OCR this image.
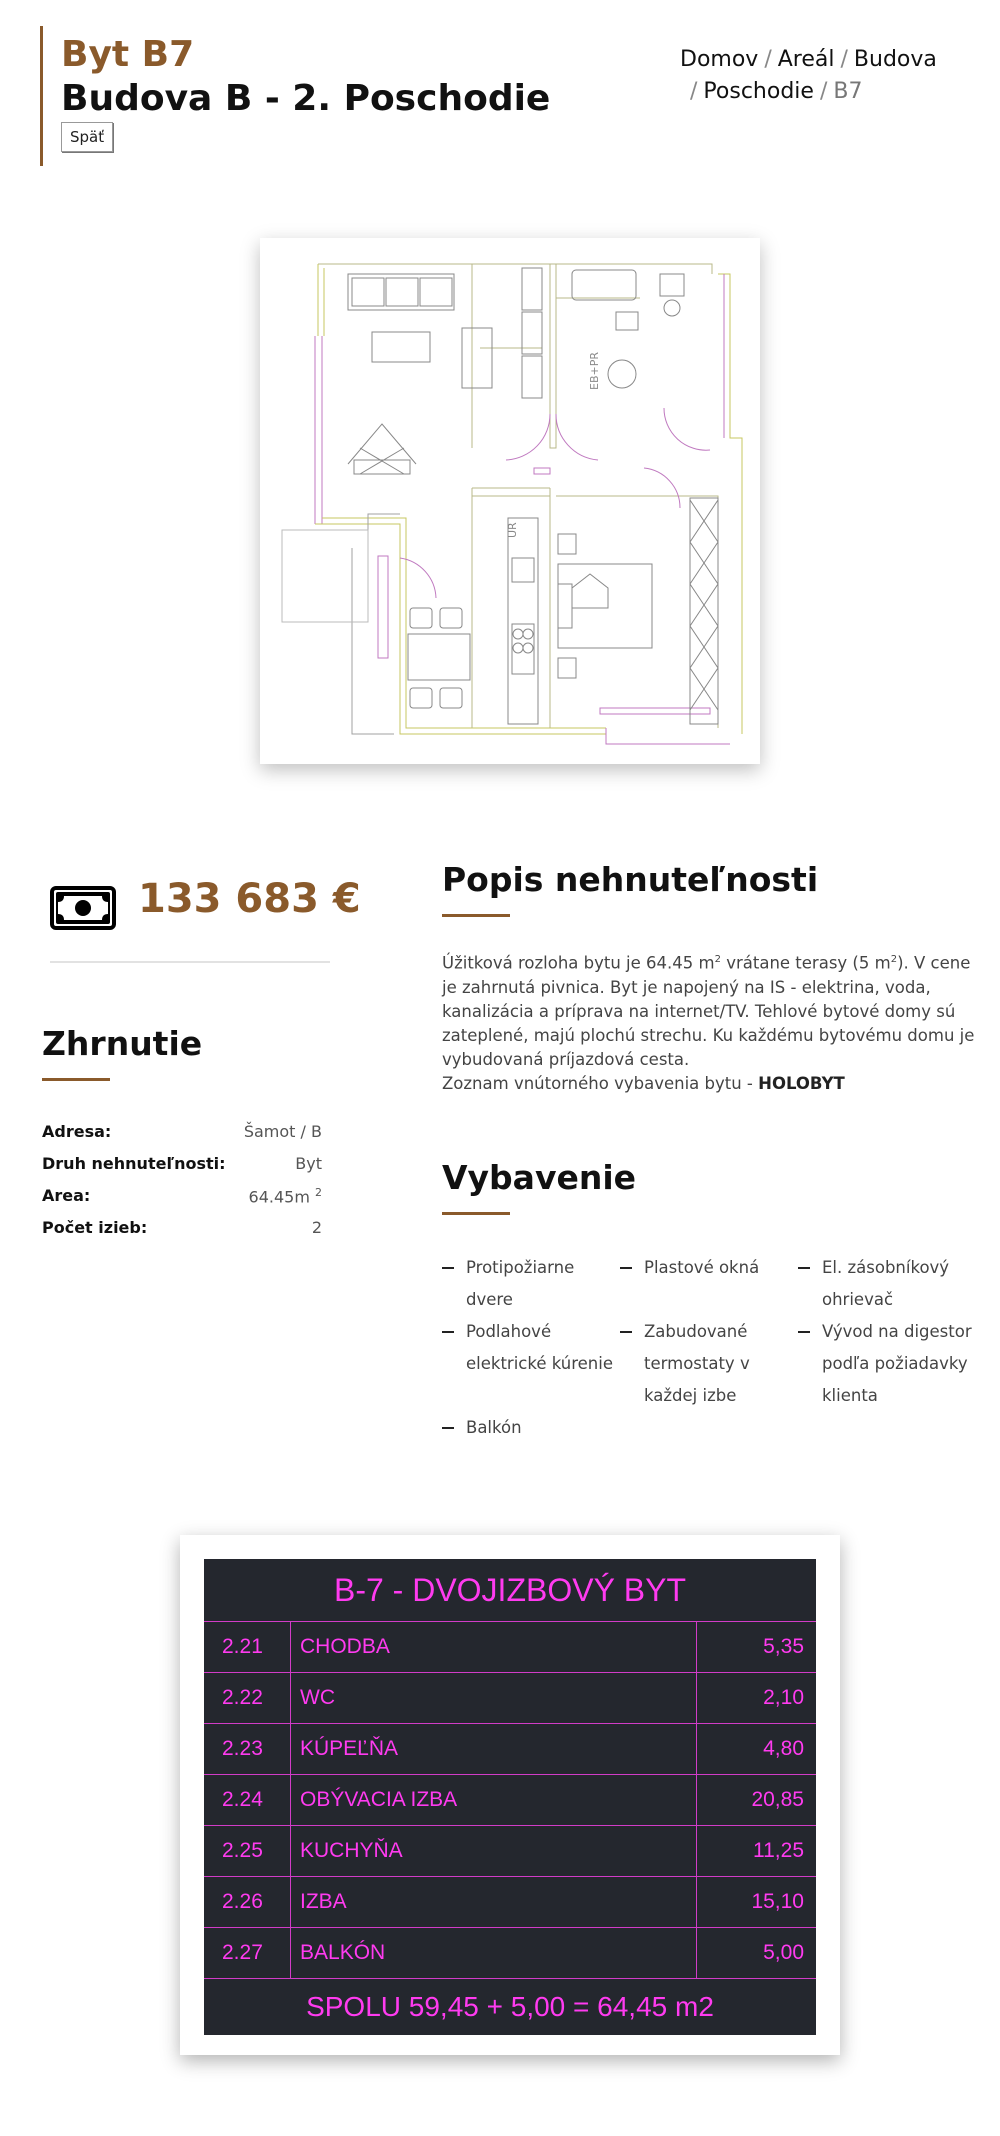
Byt B7
Budova B - 2. Poschodie
Späť
Domov / Areál / Budova
/ Poschodie / B7
EB+PR
UR
133 683 €
Zhrnutie
Adresa:	Šamot / B
Druh nehnuteľnosti:	Byt
Area:	64.45m $^2$
Počet izieb:	2
Popis nehnuteľnosti
Úžitková rozloha bytu je 64.45 $m^2$ vrátane terasy (5 $m^2$). V cene je zahrnutá pivnica. Byt je napojený na IS - elektrina, voda, kanalizácia a príprava na internet/TV. Tehlové bytové domy sú zateplené, majú plochú strechu. Ku každému bytovému domu je vybudovaná príjazdová cesta.
Zoznam vnútorného vybavenia bytu - HOLOBYT
Vybavenie
Protipožiarne dvere
Plastové okná	El. zásobníkový ohrievač
Podlahové elektrické kúrenie
Zabudované termostaty v každej izbe
Vývod na digestor podľa požiadavky klienta
Balkón
B-7 - DVOJIZBOVÝ BYT
2.21 CHODBA	5,35
2.22 WC	2,10
2.23 KÚPEĽŇA	4,80
2.24 OBÝVACIA IZBA	20,85
2.25 KUCHYŇA	11,25
2.26 IZBA	15,10
2.27 BALKÓN	5,00
SPOLU 59,45 + 5,00 = 64,45 m2
